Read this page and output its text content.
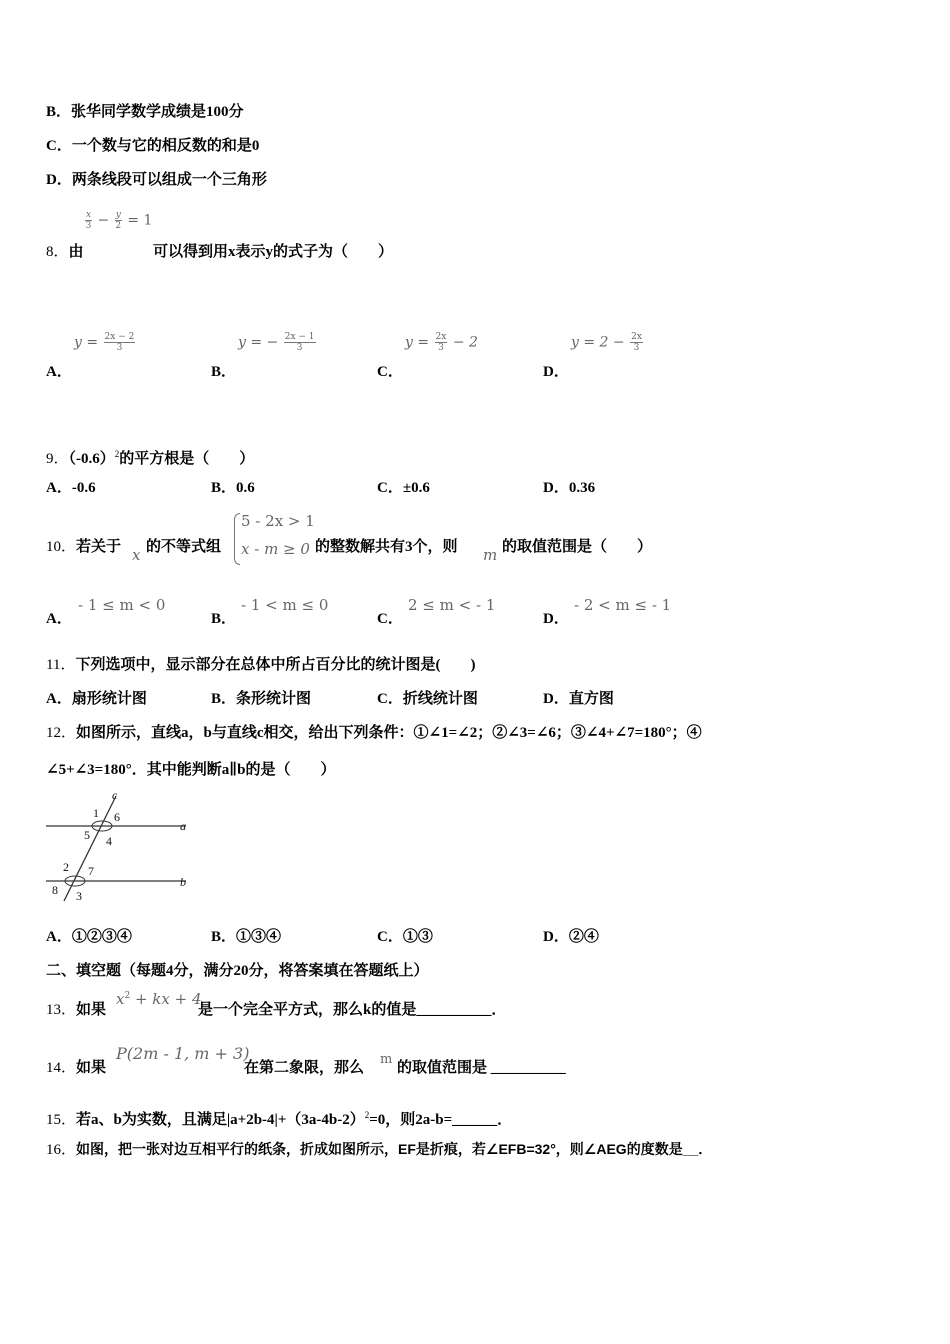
B．张华同学数学成绩是100分
C．一个数与它的相反数的和是0
D．两条线段可以组成一个三角形
$\frac{x}{3} - \frac{y}{2} = 1$
8．由	可以得到用x表示y的式子为（　　）
$y = \frac{2x - 2}{3}$
A．
y = − $\frac{2x - 1}{3}$
B．
$y = \frac{2x}{3} - 2$
C．
$y = 2 - \frac{2x}{3}$
D．
9．$(-0.6)^2$的平方根是（　　）
A．-0.6	B．0.6	C．±0.6	D．0.36
10．若关于 x 的不等式组
5 - 2x > 1
x - m ≥ 0 的整数解共有3个，则 m 的取值范围是（　　）
- 1 ≤ m < 0
A．
- 1 < m ≤ 0
B．
2 ≤ m < - 1
C．
- 2 < m ≤ - 1
D．
11．下列选项中，显示部分在总体中所占百分比的统计图是(　　)
A．扇形统计图	B．条形统计图	C．折线统计图	D．直方图
12．如图所示，直线a，b与直线c相交，给出下列条件：①∠1=∠2；②∠3=∠6；③∠4+∠7=180°；④
∠5+∠3=180°．其中能判断a∥b的是（　　）
c
1 6
a
5 4
2 7
8 3
b
A．①②③④	B．①③④	C．①③	D．②④
二、填空题（每题4分，满分20分，将答案填在答题纸上）
13．如果
$x^2$ + kx + 4
是一个完全平方式，那么k的值是__________．
14．如果
P(2m - 1, m + 3)
在第二象限，那么
m
的取值范围是 __________
15．若a、b为实数，且满足$|a+2b-4|+(3a-4b-2)^2=0$，则2a-b=______．
16．如图，把一张对边互相平行的纸条，折成如图所示，EF是折痕，若∠EFB=32°，则∠AEG的度数是__．
